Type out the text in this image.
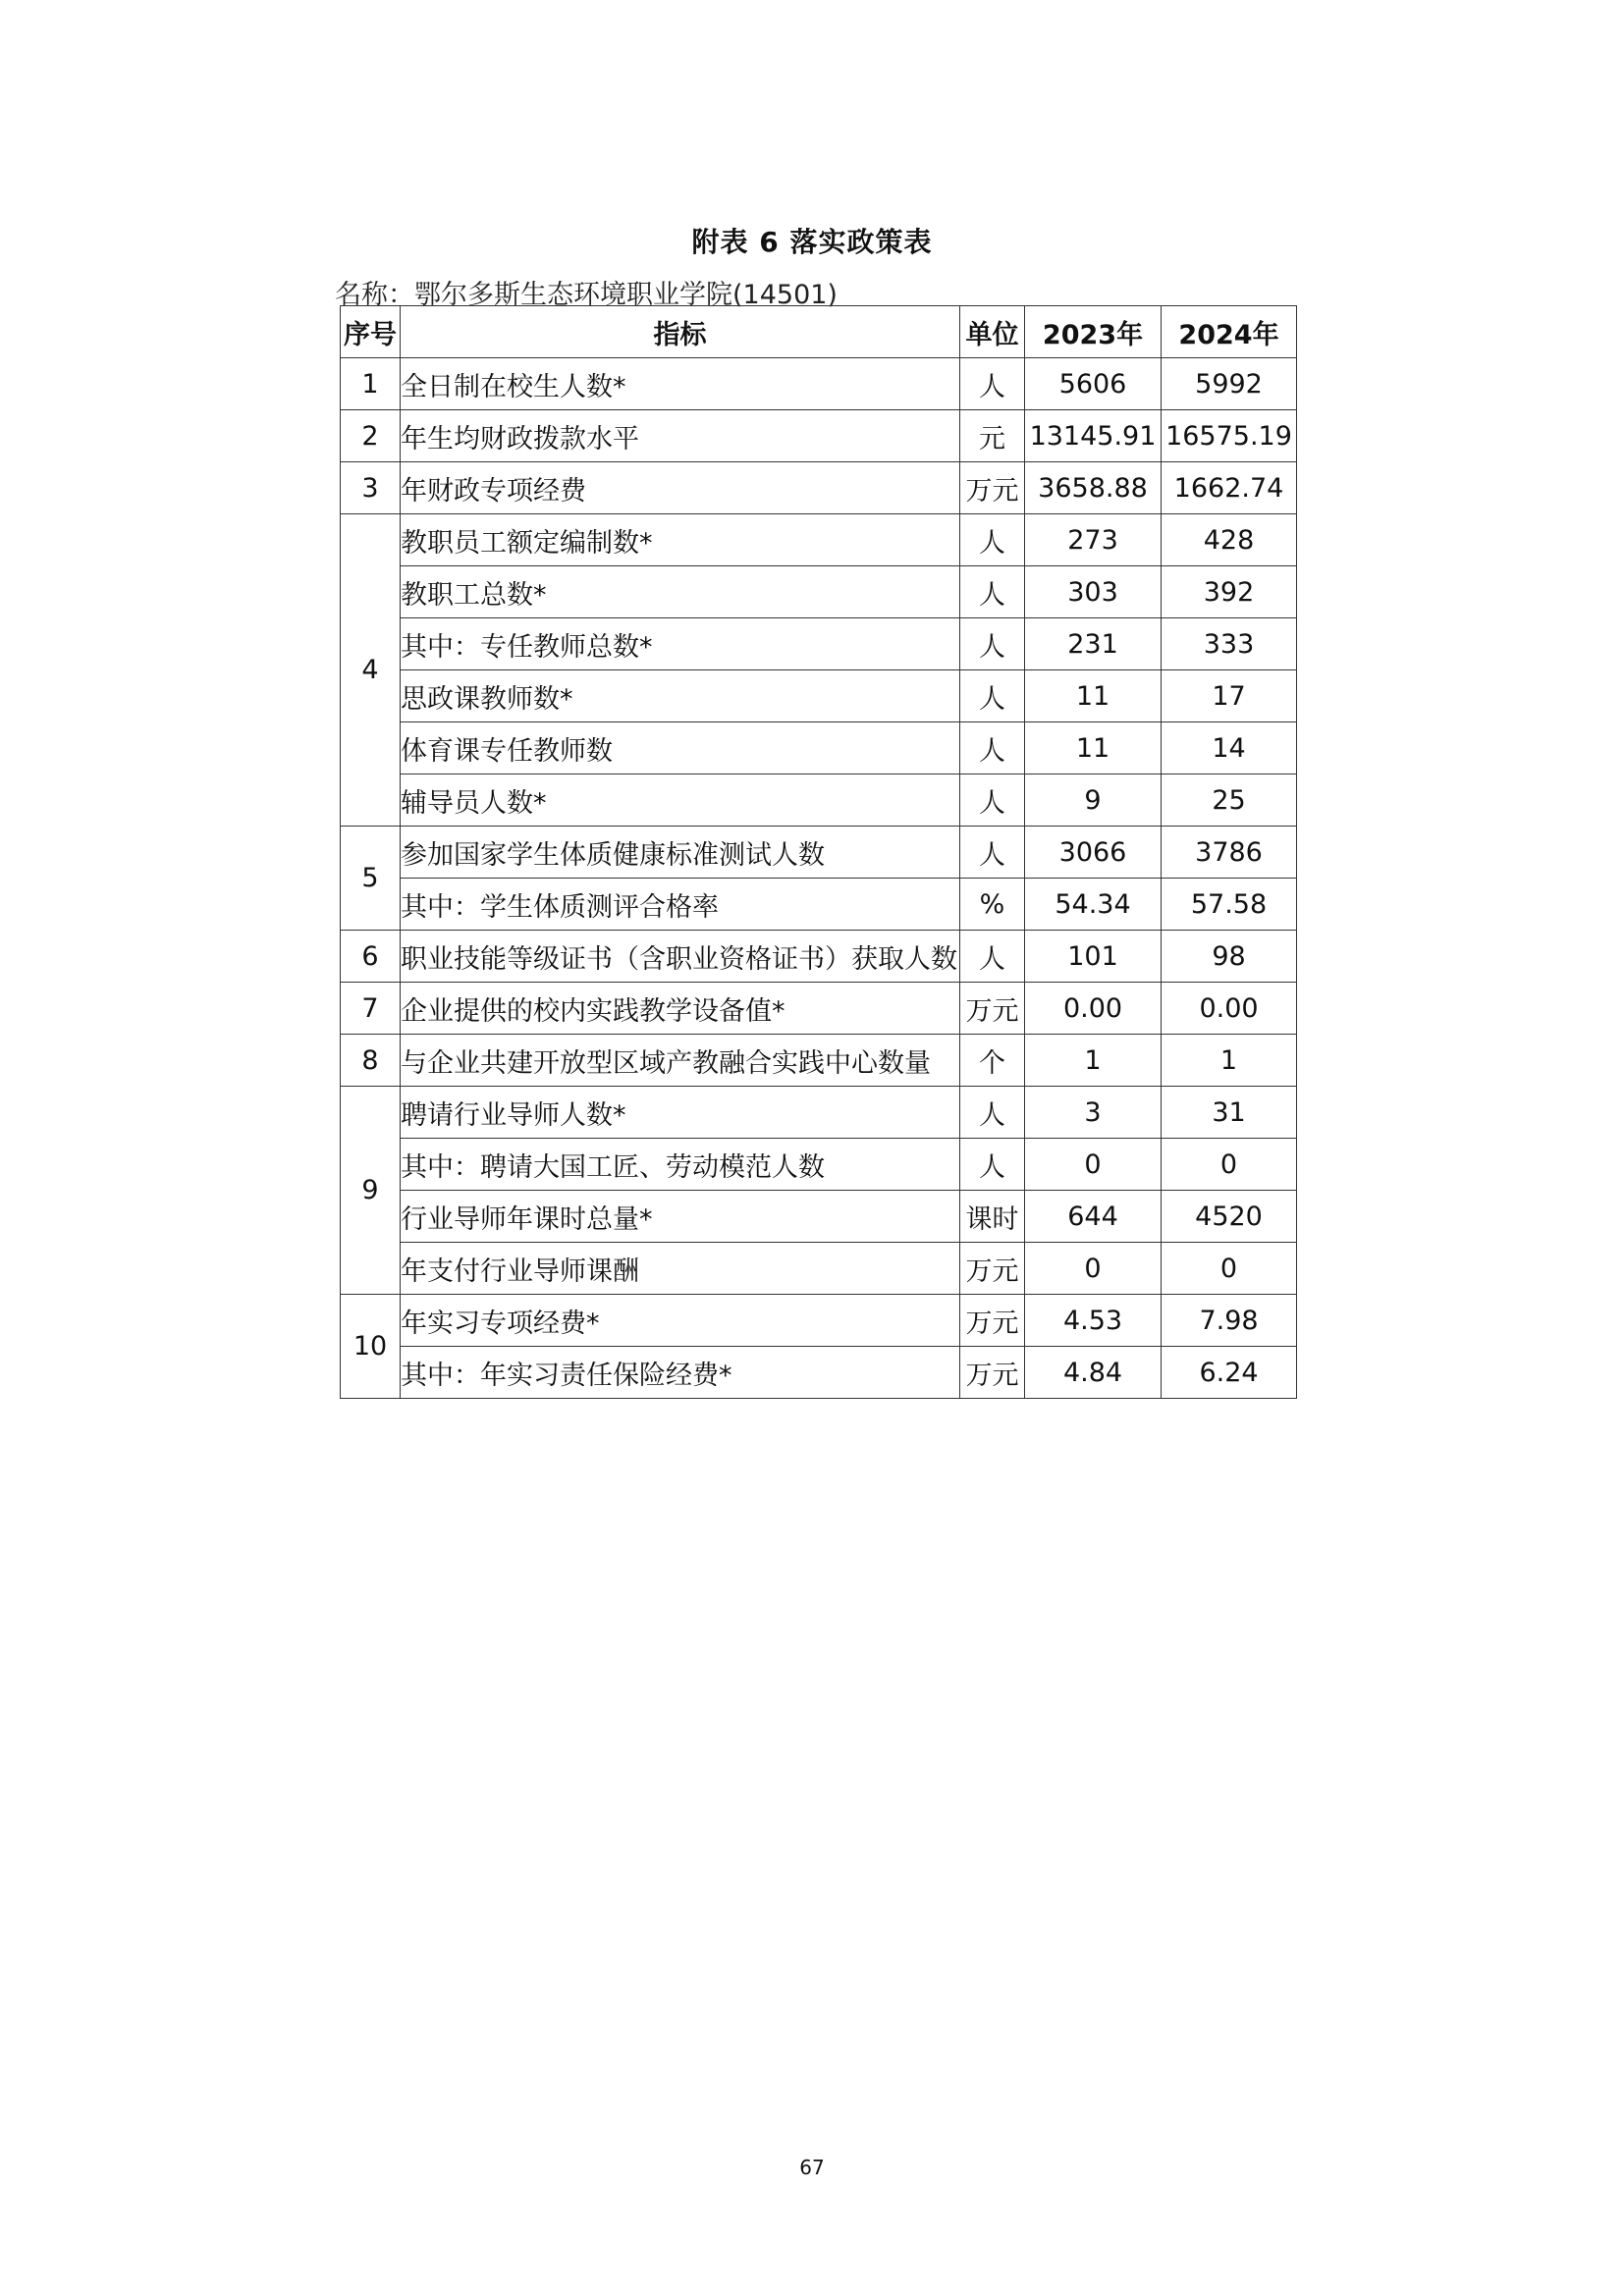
附表 6 落实政策表
名称：鄂尔多斯生态环境职业学院(14501)
序号	指标	单位	2023年	2024年
1	全日制在校生人数*	人	5606	5992
2	年生均财政拨款水平	元	13145.91	16575.19
3	年财政专项经费	万元	3658.88	1662.74
4	教职员工额定编制数*	人	273	428
	教职工总数*	人	303	392
	其中：专任教师总数*	人	231	333
	思政课教师数*	人	11	17
	体育课专任教师数	人	11	14
	辅导员人数*	人	9	25
5	参加国家学生体质健康标准测试人数	人	3066	3786
	其中：学生体质测评合格率	%	54.34	57.58
6	职业技能等级证书（含职业资格证书）获取人数	人	101	98
7	企业提供的校内实践教学设备值*	万元	0.00	0.00
8	与企业共建开放型区域产教融合实践中心数量	个	1	1
9	聘请行业导师人数*	人	3	31
	其中：聘请大国工匠、劳动模范人数	人	0	0
	行业导师年课时总量*	课时	644	4520
	年支付行业导师课酬	万元	0	0
10	年实习专项经费*	万元	4.53	7.98
	其中：年实习责任保险经费*	万元	4.84	6.24
67
